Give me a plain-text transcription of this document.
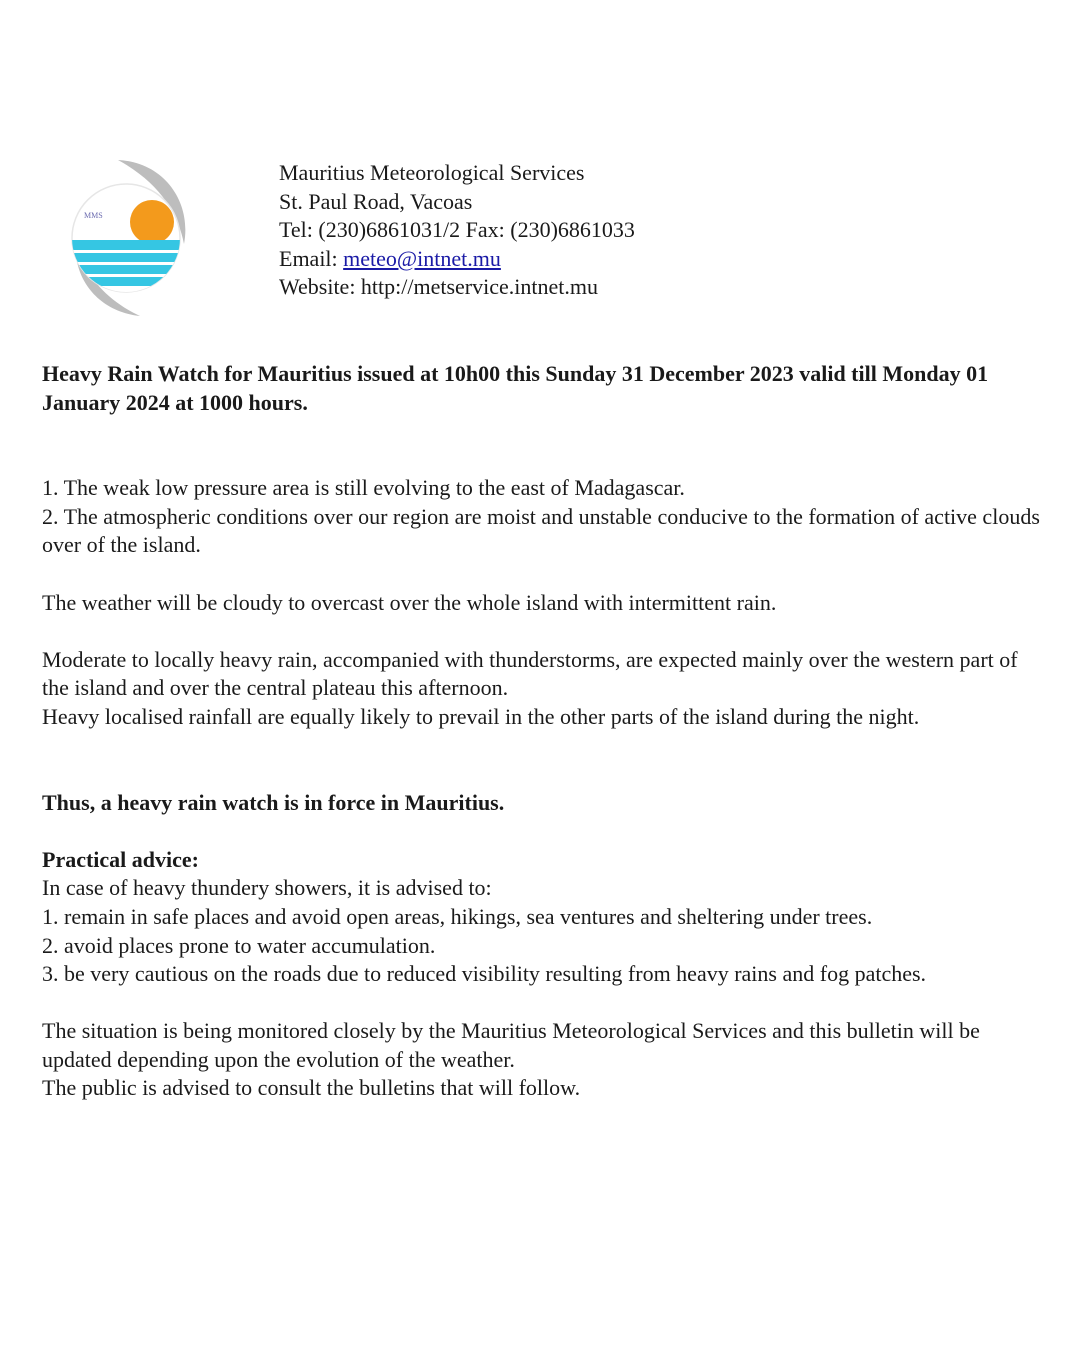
MMS
Mauritius Meteorological Services
St. Paul Road, Vacoas
Tel: (230)6861031/2 Fax: (230)6861033
Email: meteo@intnet.mu
Website: http://metservice.intnet.mu

Heavy Rain Watch for Mauritius issued at 10h00 this Sunday 31 December 2023 valid till Monday 01 January 2024 at 1000 hours.

1. The weak low pressure area is still evolving to the east of Madagascar.

2. The atmospheric conditions over our region are moist and unstable conducive to the formation of active clouds over of the island.

The weather will be cloudy to overcast over the whole island with intermittent rain.

Moderate to locally heavy rain, accompanied with thunderstorms, are expected mainly over the western part of the island and over the central plateau this afternoon.

Heavy localised rainfall are equally likely to prevail in the other parts of the island during the night.

Thus, a heavy rain watch is in force in Mauritius.

Practical advice:

In case of heavy thundery showers, it is advised to:

1. remain in safe places and avoid open areas, hikings, sea ventures and sheltering under trees.

2. avoid places prone to water accumulation.

3. be very cautious on the roads due to reduced visibility resulting from heavy rains and fog patches.

The situation is being monitored closely by the Mauritius Meteorological Services and this bulletin will be updated depending upon the evolution of the weather.

The public is advised to consult the bulletins that will follow.
